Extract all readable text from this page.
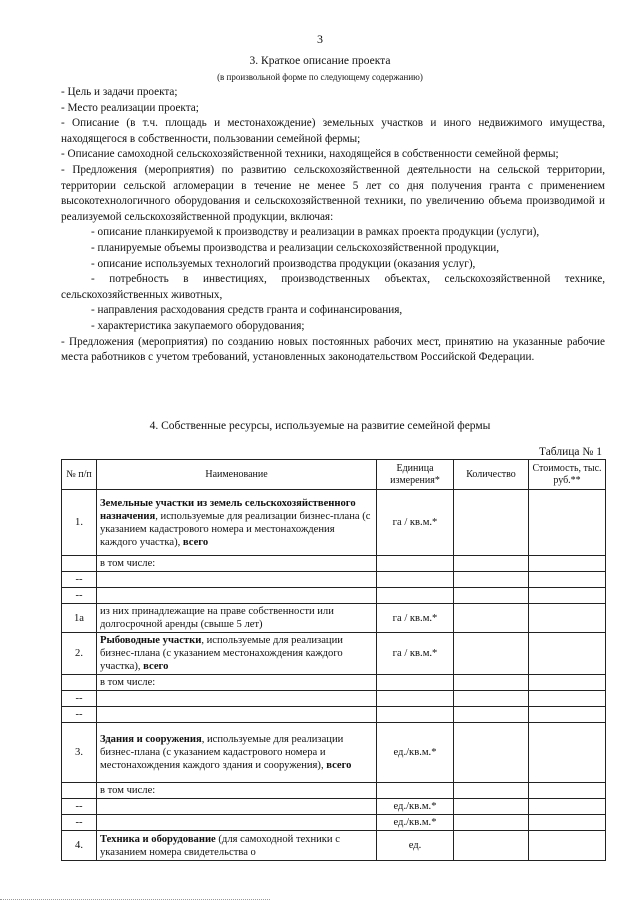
3
3. Краткое описание проекта
(в произвольной форме по следующему содержанию)

- Цель и задачи проекта;

- Место реализации проекта;

- Описание (в т.ч. площадь и местонахождение) земельных участков и иного недвижимого имущества, находящегося в собственности, пользовании семейной фермы;

- Описание самоходной сельскохозяйственной техники, находящейся в собственности семейной фермы;

- Предложения (мероприятия) по развитию сельскохозяйственной деятельности на сельской территории, территории сельской агломерации в течение не менее 5 лет со дня получения гранта с применением высокотехнологичного оборудования и сельскохозяйственной техники, по увеличению объема производимой и реализуемой сельскохозяйственной продукции, включая:

- описание планкируемой к производству и реализации в рамках проекта продукции (услуги),

- планируемые объемы производства и реализации сельскохозяйственной продукции,

- описание используемых технологий производства продукции (оказания услуг),

- потребность в инвестициях, производственных объектах, сельскохозяйственной технике, сельскохозяйственных животных,

- направления расходования средств гранта и софинансирования,

- характеристика закупаемого оборудования;

- Предложения (мероприятия) по созданию новых постоянных рабочих мест, принятию на указанные рабочие места работников с учетом требований, установленных законодательством Российской Федерации.

4. Собственные ресурсы, используемые на развитие семейной фермы
Таблица № 1
№ п/п	Наименование	Единица измерения*	Количество	Стоимость, тыс. руб.**
1.	Земельные участки из земель сельскохозяйственного назначения, используемые для реализации бизнес-плана (с указанием кадастрового номера и местонахождения каждого участка), всего	га / кв.м.*		
	в том числе:			
--				
--				
1а	из них принадлежащие на праве собственности или долгосрочной аренды (свыше 5 лет)	га / кв.м.*		
2.	Рыбоводные участки, используемые для реализации бизнес-плана (с указанием местонахождения каждого участка), всего	га / кв.м.*		
	в том числе:			
--				
--				
3.	Здания и сооружения, используемые для реализации бизнес-плана (с указанием кадастрового номера и местонахождения каждого здания и сооружения), всего	ед./кв.м.*		
	в том числе:			
--		ед./кв.м.*		
--		ед./кв.м.*		
4.	Техника и оборудование (для самоходной техники с указанием номера свидетельства о	ед.		
